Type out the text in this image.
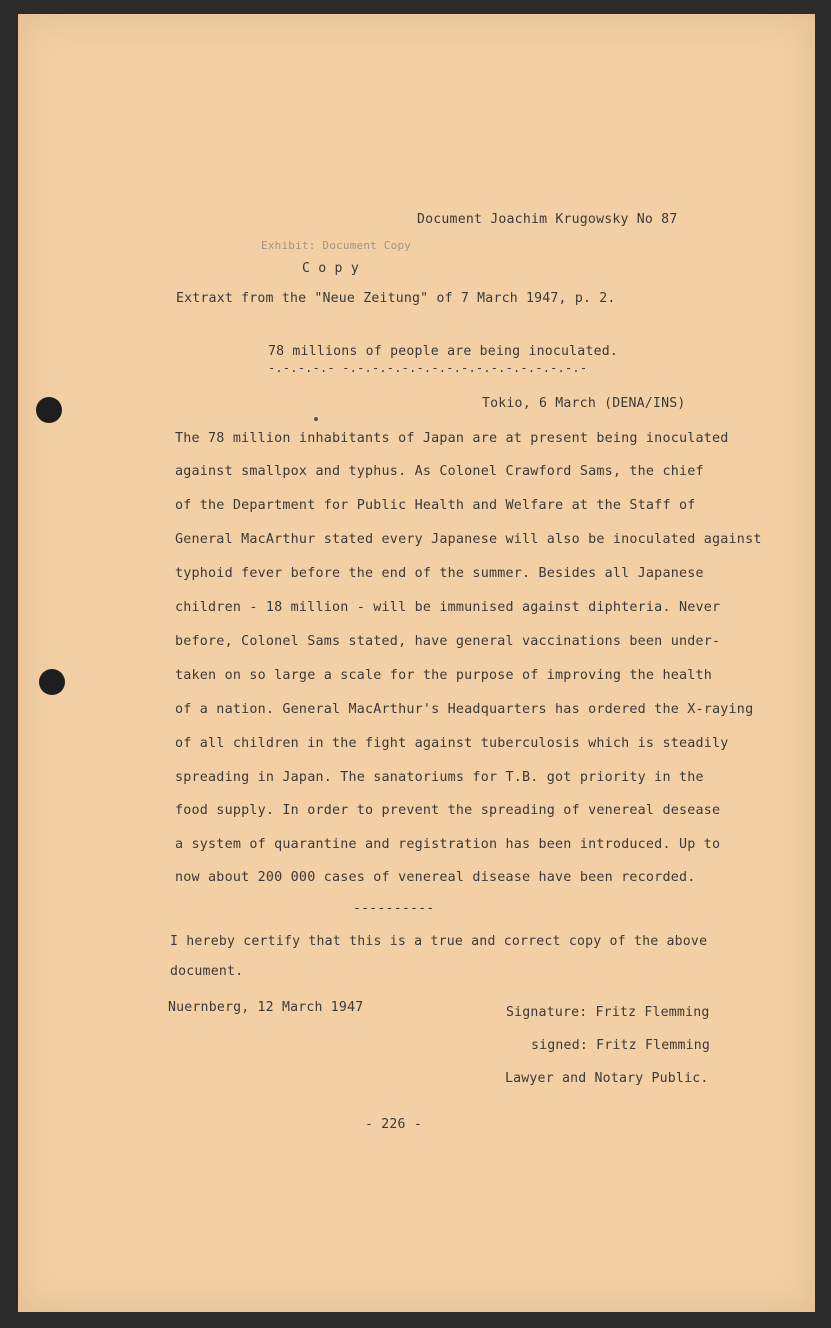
Document Joachim Krugowsky No 87
Exhibit: Document Copy
C o p y
Extraxt from the "Neue Zeitung" of 7 March 1947, p. 2.
78 millions of people are being inoculated.
-.-.-.-.- -.-.-.-.-.-.-.-.-.-.-.-.-.-.-.-.-
Tokio, 6 March (DENA/INS)
The 78 million inhabitants of Japan are at present being inoculated
against smallpox and typhus. As Colonel Crawford Sams, the chief
of the Department for Public Health and Welfare at the Staff of
General MacArthur stated every Japanese will also be inoculated against
typhoid fever before the end of the summer. Besides all Japanese
children - 18 million - will be immunised against diphteria. Never
before, Colonel Sams stated, have general vaccinations been under-
taken on so large a scale for the purpose of improving the health
of a nation. General MacArthur's Headquarters has ordered the X-raying
of all children in the fight against tuberculosis which is steadily
spreading in Japan. The sanatoriums for T.B. got priority in the
food supply. In order to prevent the spreading of venereal desease
a system of quarantine and registration has been introduced. Up to
now about 200 000 cases of venereal disease have been recorded.
----------
I hereby certify that this is a true and correct copy of the above
document.
Nuernberg, 12 March 1947	Signature: Fritz Flemming
signed: Fritz Flemming
Lawyer and Notary Public.
- 226 -
